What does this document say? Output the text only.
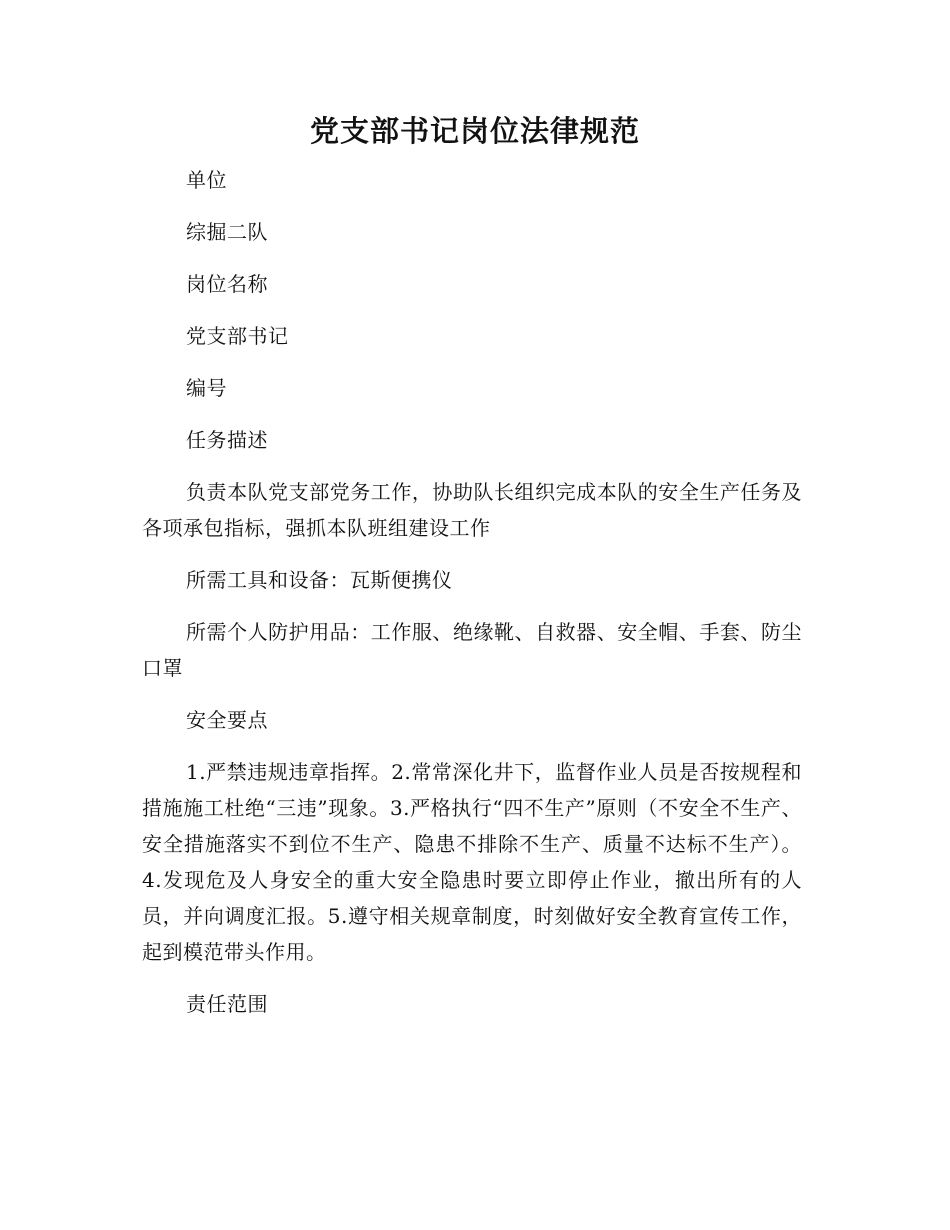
党支部书记岗位法律规范

单位

综掘二队

岗位名称

党支部书记

编号

任务描述

负责本队党支部党务工作，协助队长组织完成本队的安全生产任务及各项承包指标，强抓本队班组建设工作

所需工具和设备：瓦斯便携仪

所需个人防护用品：工作服、绝缘靴、自救器、安全帽、手套、防尘口罩

安全要点

1.严禁违规违章指挥。2.常常深化井下，监督作业人员是否按规程和措施施工杜绝“三违”现象。3.严格执行“四不生产”原则（不安全不生产、安全措施落实不到位不生产、隐患不排除不生产、质量不达标不生产）。4.发现危及人身安全的重大安全隐患时要立即停止作业，撤出所有的人员，并向调度汇报。5.遵守相关规章制度，时刻做好安全教育宣传工作，起到模范带头作用。

责任范围
